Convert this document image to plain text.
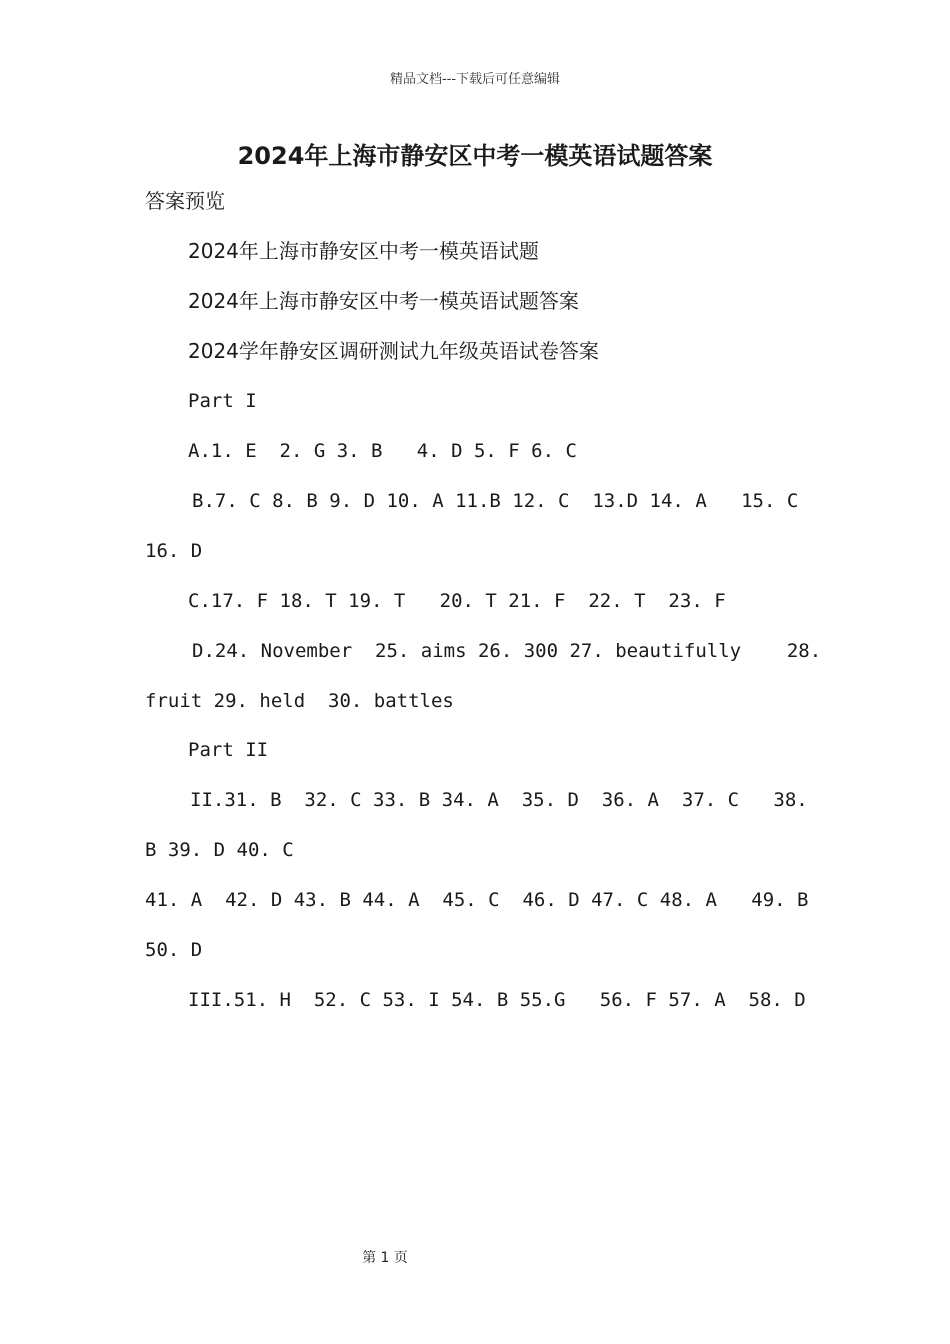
精品文档---下载后可任意编辑
2024年上海市静安区中考一模英语试题答案
答案预览
2024年上海市静安区中考一模英语试题
2024年上海市静安区中考一模英语试题答案
2024学年静安区调研测试九年级英语试卷答案
Part I
A.1. E  2. G 3. B   4. D 5. F 6. C
B.7. C 8. B 9. D 10. A 11.B 12. C  13.D 14. A   15. C
16. D
C.17. F 18. T 19. T   20. T 21. F  22. T  23. F
D.24. November  25. aims 26. 300 27. beautifully    28.
fruit 29. held  30. battles
Part II
II.31. B  32. C 33. B 34. A  35. D  36. A  37. C   38.
B 39. D 40. C
41. A  42. D 43. B 44. A  45. C  46. D 47. C 48. A   49. B
50. D
III.51. H  52. C 53. I 54. B 55.G   56. F 57. A  58. D
第 1 页
